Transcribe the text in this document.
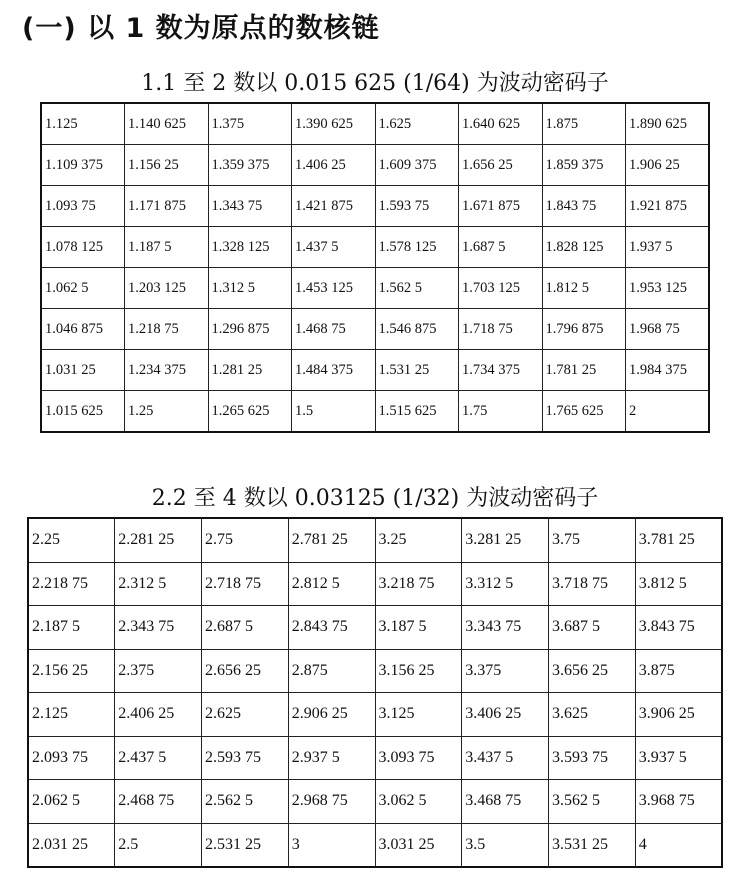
(一) 以 1 数为原点的数核链
1.1 至 2 数以 0.015 625 (1/64) 为波动密码子
1.125	1.140 625	1.375	1.390 625	1.625	1.640 625	1.875	1.890 625
1.109 375	1.156 25	1.359 375	1.406 25	1.609 375	1.656 25	1.859 375	1.906 25
1.093 75	1.171 875	1.343 75	1.421 875	1.593 75	1.671 875	1.843 75	1.921 875
1.078 125	1.187 5	1.328 125	1.437 5	1.578 125	1.687 5	1.828 125	1.937 5
1.062 5	1.203 125	1.312 5	1.453 125	1.562 5	1.703 125	1.812 5	1.953 125
1.046 875	1.218 75	1.296 875	1.468 75	1.546 875	1.718 75	1.796 875	1.968 75
1.031 25	1.234 375	1.281 25	1.484 375	1.531 25	1.734 375	1.781 25	1.984 375
1.015 625	1.25	1.265 625	1.5	1.515 625	1.75	1.765 625	2
2.2 至 4 数以 0.03125 (1/32) 为波动密码子
2.25	2.281 25	2.75	2.781 25	3.25	3.281 25	3.75	3.781 25
2.218 75	2.312 5	2.718 75	2.812 5	3.218 75	3.312 5	3.718 75	3.812 5
2.187 5	2.343 75	2.687 5	2.843 75	3.187 5	3.343 75	3.687 5	3.843 75
2.156 25	2.375	2.656 25	2.875	3.156 25	3.375	3.656 25	3.875
2.125	2.406 25	2.625	2.906 25	3.125	3.406 25	3.625	3.906 25
2.093 75	2.437 5	2.593 75	2.937 5	3.093 75	3.437 5	3.593 75	3.937 5
2.062 5	2.468 75	2.562 5	2.968 75	3.062 5	3.468 75	3.562 5	3.968 75
2.031 25	2.5	2.531 25	3	3.031 25	3.5	3.531 25	4
